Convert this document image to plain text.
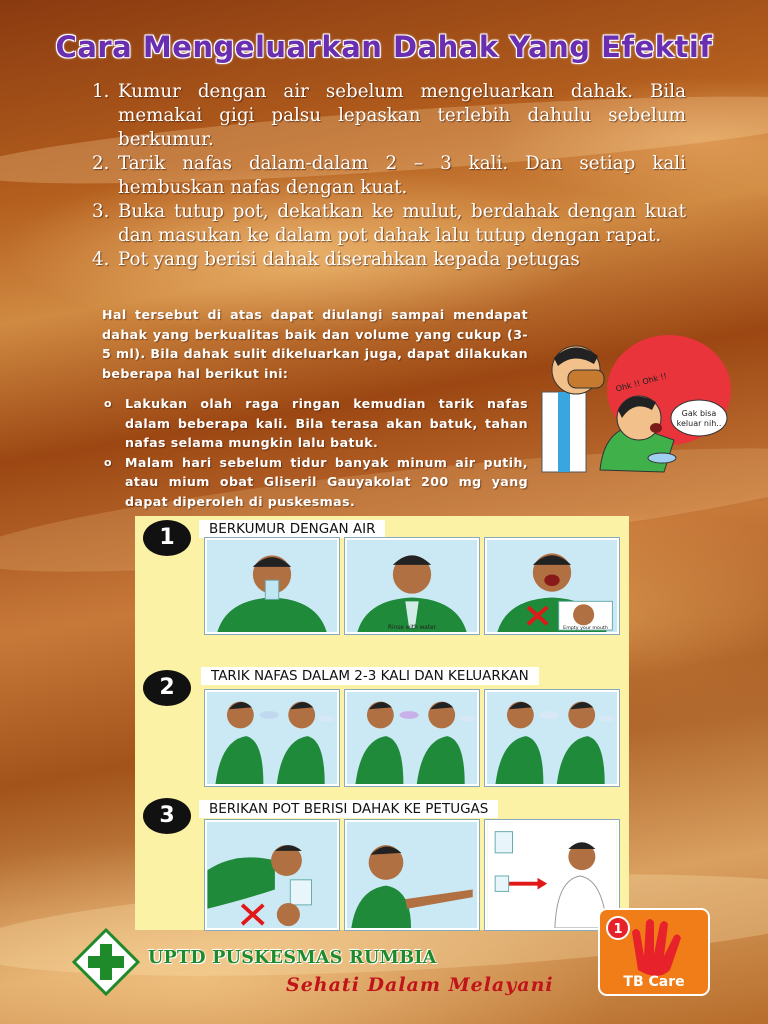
Cara Mengeluarkan Dahak Yang Efektif
1. Kumur dengan air sebelum mengeluarkan dahak. Bila memakai gigi palsu lepaskan terlebih dahulu sebelum berkumur.
2. Tarik nafas dalam-dalam 2 – 3 kali. Dan setiap kali hembuskan nafas dengan kuat.
3. Buka tutup pot, dekatkan ke mulut, berdahak dengan kuat dan masukan ke dalam pot dahak lalu tutup dengan rapat.
4. Pot yang berisi dahak diserahkan kepada petugas

Hal tersebut di atas dapat diulangi sampai mendapat dahak yang berkualitas baik dan volume yang cukup (3-5 ml). Bila dahak sulit dikeluarkan juga, dapat dilakukan beberapa hal berikut ini:

o Lakukan olah raga ringan kemudian tarik nafas dalam beberapa kali. Bila terasa akan batuk, tahan nafas selama mungkin lalu batuk.
o Malam hari sebelum tidur banyak minum air putih, atau mium obat Gliseril Gauyakolat 200 mg yang dapat diperoleh di puskesmas.
Gak bisa
keluar nih..
Ohk !! Ohk !!
1	BERKUMUR DENGAN AIR
Rinse with water	Empty your mouth
2	TARIK NAFAS DALAM 2-3 KALI DAN KELUARKAN
3	BERIKAN POT BERISI DAHAK KE PETUGAS
UPTD PUSKESMAS RUMBIA
Sehati Dalam Melayani
1
TB Care
